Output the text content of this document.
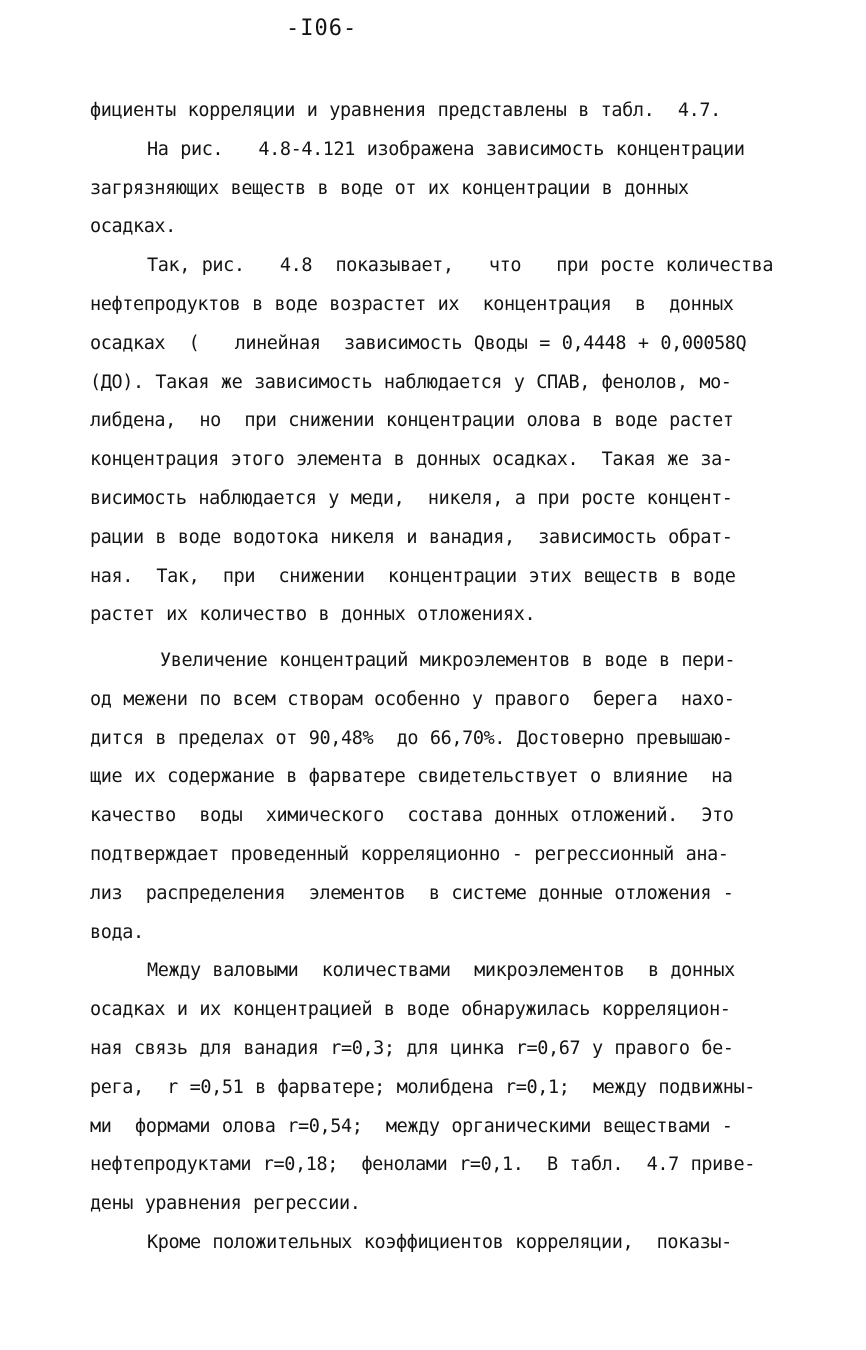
-I06-
фициенты корреляции и уравнения представлены в табл.  4.7.
На рис.   4.8-4.121 изображена зависимость концентрации
загрязняющих веществ в воде от их концентрации в донных
осадках.
Так, рис.   4.8  показывает,   что   при росте количества
нефтепродуктов в воде возрастет их  концентрация  в  донных
осадках  (   линейная  зависимость Qводы = 0,4448 + 0,00058Q
(ДО). Такая же зависимость наблюдается у СПАВ, фенолов, мо-
либдена,  но  при снижении концентрации олова в воде растет
концентрация этого элемента в донных осадках.  Такая же за-
висимость наблюдается у меди,  никеля, а при росте концент-
рации в воде водотока никеля и ванадия,  зависимость обрат-
ная.  Так,  при  снижении  концентрации этих веществ в воде
растет их количество в донных отложениях.
Увеличение концентраций микроэлементов в воде в пери-
од межени по всем створам особенно у правого  берега  нахо-
дится в пределах от 90,48%  до 66,70%. Достоверно превышаю-
щие их содержание в фарватере свидетельствует о влияние  на
качество  воды  химического  состава донных отложений.  Это
подтверждает проведенный корреляционно - регрессионный ана-
лиз  распределения  элементов  в системе донные отложения -
вода.
Между валовыми  количествами  микроэлементов  в донных
осадках и их концентрацией в воде обнаружилась корреляцион-
ная связь для ванадия r=0,3; для цинка r=0,67 у правого бе-
рега,  r =0,51 в фарватере; молибдена r=0,1;  между подвижны-
ми  формами олова r=0,54;  между органическими веществами -
нефтепродуктами r=0,18;  фенолами r=0,1.  В табл.  4.7 приве-
дены уравнения регрессии.
Кроме положительных коэффициентов корреляции,  показы-
